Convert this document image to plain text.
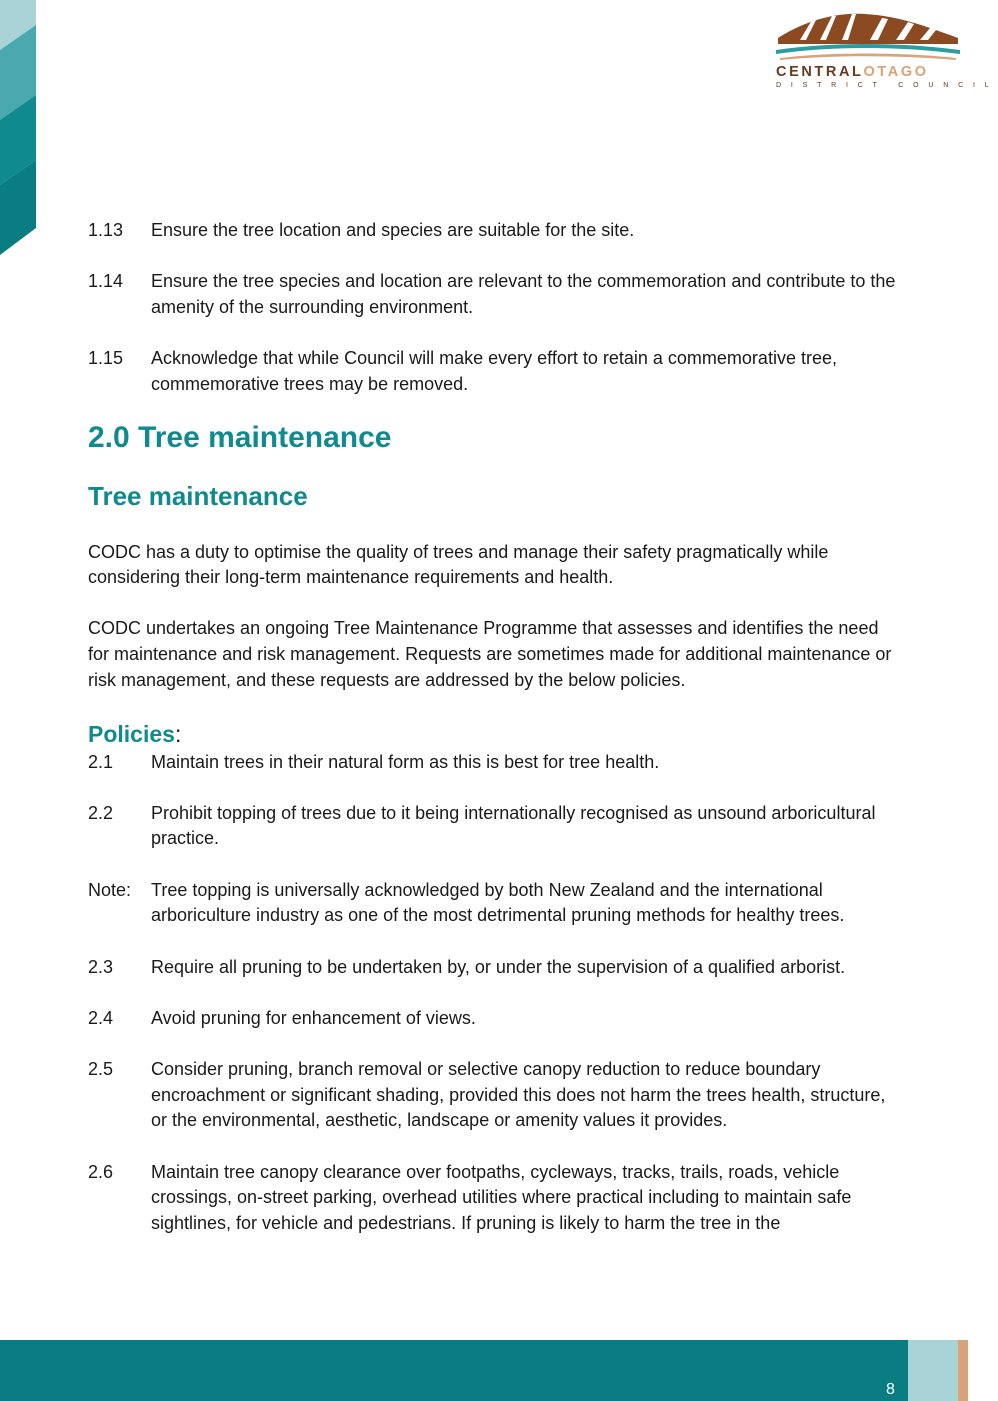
CENTRALOTAGO
DISTRICT COUNCIL
1.13	Ensure the tree location and species are suitable for the site.
1.14	Ensure the tree species and location are relevant to the commemoration and contribute to the amenity of the surrounding environment.
1.15	Acknowledge that while Council will make every effort to retain a commemorative tree, commemorative trees may be removed.
2.0 Tree maintenance
Tree maintenance

CODC has a duty to optimise the quality of trees and manage their safety pragmatically while considering their long-term maintenance requirements and health.

CODC undertakes an ongoing Tree Maintenance Programme that assesses and identifies the need for maintenance and risk management. Requests are sometimes made for additional maintenance or risk management, and these requests are addressed by the below policies.

Policies:

2.1	Maintain trees in their natural form as this is best for tree health.
2.2	Prohibit topping of trees due to it being internationally recognised as unsound arboricultural practice.
Note:	Tree topping is universally acknowledged by both New Zealand and the international arboriculture industry as one of the most detrimental pruning methods for healthy trees.
2.3	Require all pruning to be undertaken by, or under the supervision of a qualified arborist.
2.4	Avoid pruning for enhancement of views.
2.5	Consider pruning, branch removal or selective canopy reduction to reduce boundary encroachment or significant shading, provided this does not harm the trees health, structure, or the environmental, aesthetic, landscape or amenity values it provides.
2.6	Maintain tree canopy clearance over footpaths, cycleways, tracks, trails, roads, vehicle crossings, on-street parking, overhead utilities where practical including to maintain safe sightlines, for vehicle and pedestrians. If pruning is likely to harm the tree in the
8
